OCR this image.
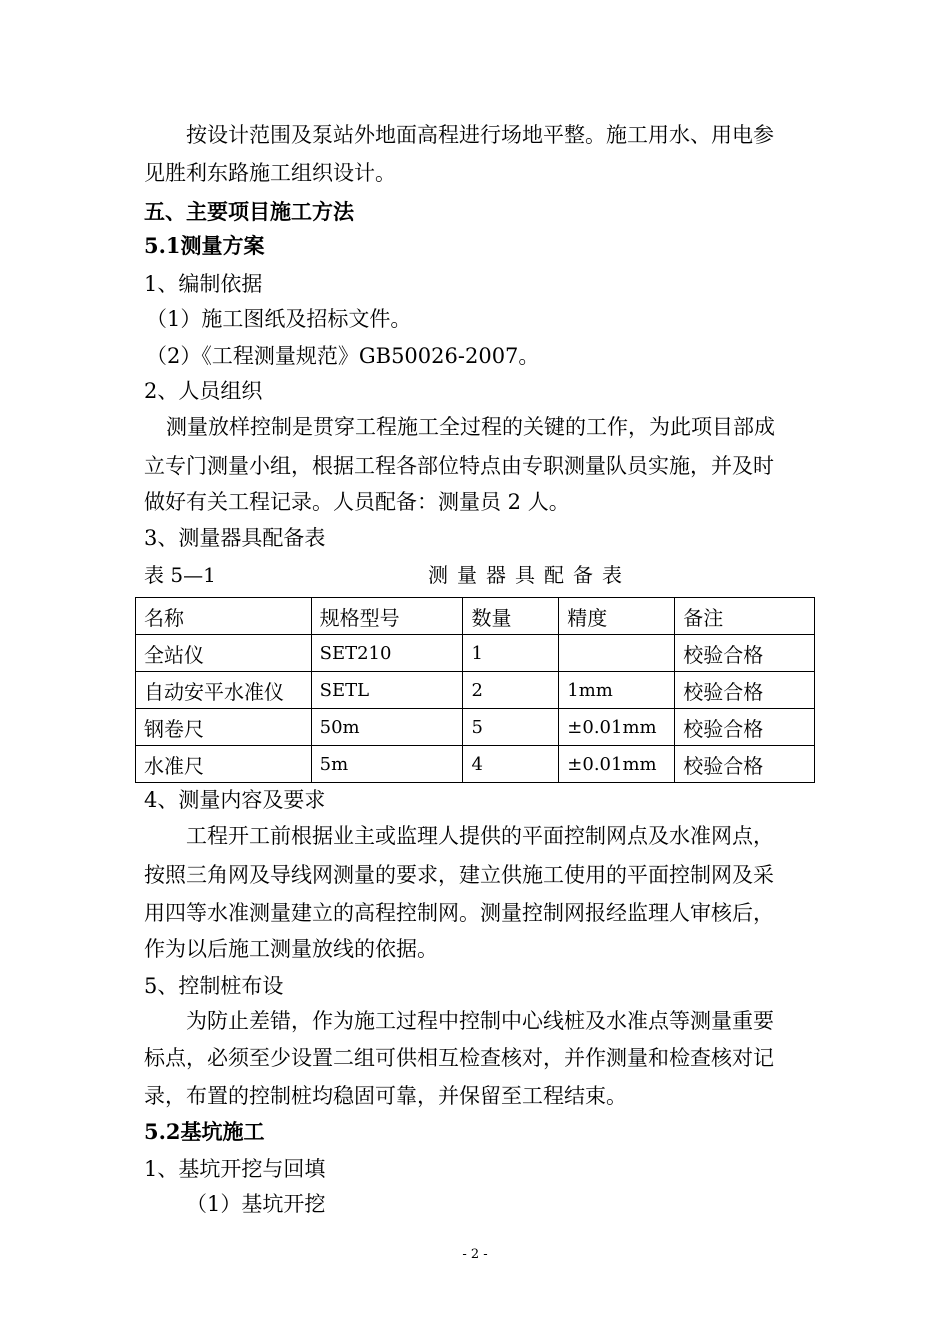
按设计范围及泵站外地面高程进行场地平整。施工用水、用电参
见胜利东路施工组织设计。
五、主要项目施工方法
5.1测量方案
1、编制依据
（1）施工图纸及招标文件。
（2）《工程测量规范》GB50026-2007。
2、人员组织
测量放样控制是贯穿工程施工全过程的关键的工作，为此项目部成
立专门测量小组，根据工程各部位特点由专职测量队员实施，并及时
做好有关工程记录。人员配备：测量员 2 人。
3、测量器具配备表
表 5—1	测量器具配备表
名称	规格型号	数量	精度	备注
全站仪	SET210	1		校验合格
自动安平水准仪	SETL	2	1mm	校验合格
钢卷尺	50m	5	±0.01mm	校验合格
水准尺	5m	4	±0.01mm	校验合格
4、测量内容及要求
工程开工前根据业主或监理人提供的平面控制网点及水准网点，
按照三角网及导线网测量的要求，建立供施工使用的平面控制网及采
用四等水准测量建立的高程控制网。测量控制网报经监理人审核后，
作为以后施工测量放线的依据。
5、控制桩布设
为防止差错，作为施工过程中控制中心线桩及水准点等测量重要
标点，必须至少设置二组可供相互检查核对，并作测量和检查核对记
录，布置的控制桩均稳固可靠，并保留至工程结束。
5.2基坑施工
1、基坑开挖与回填
（1）基坑开挖
- 2 -
